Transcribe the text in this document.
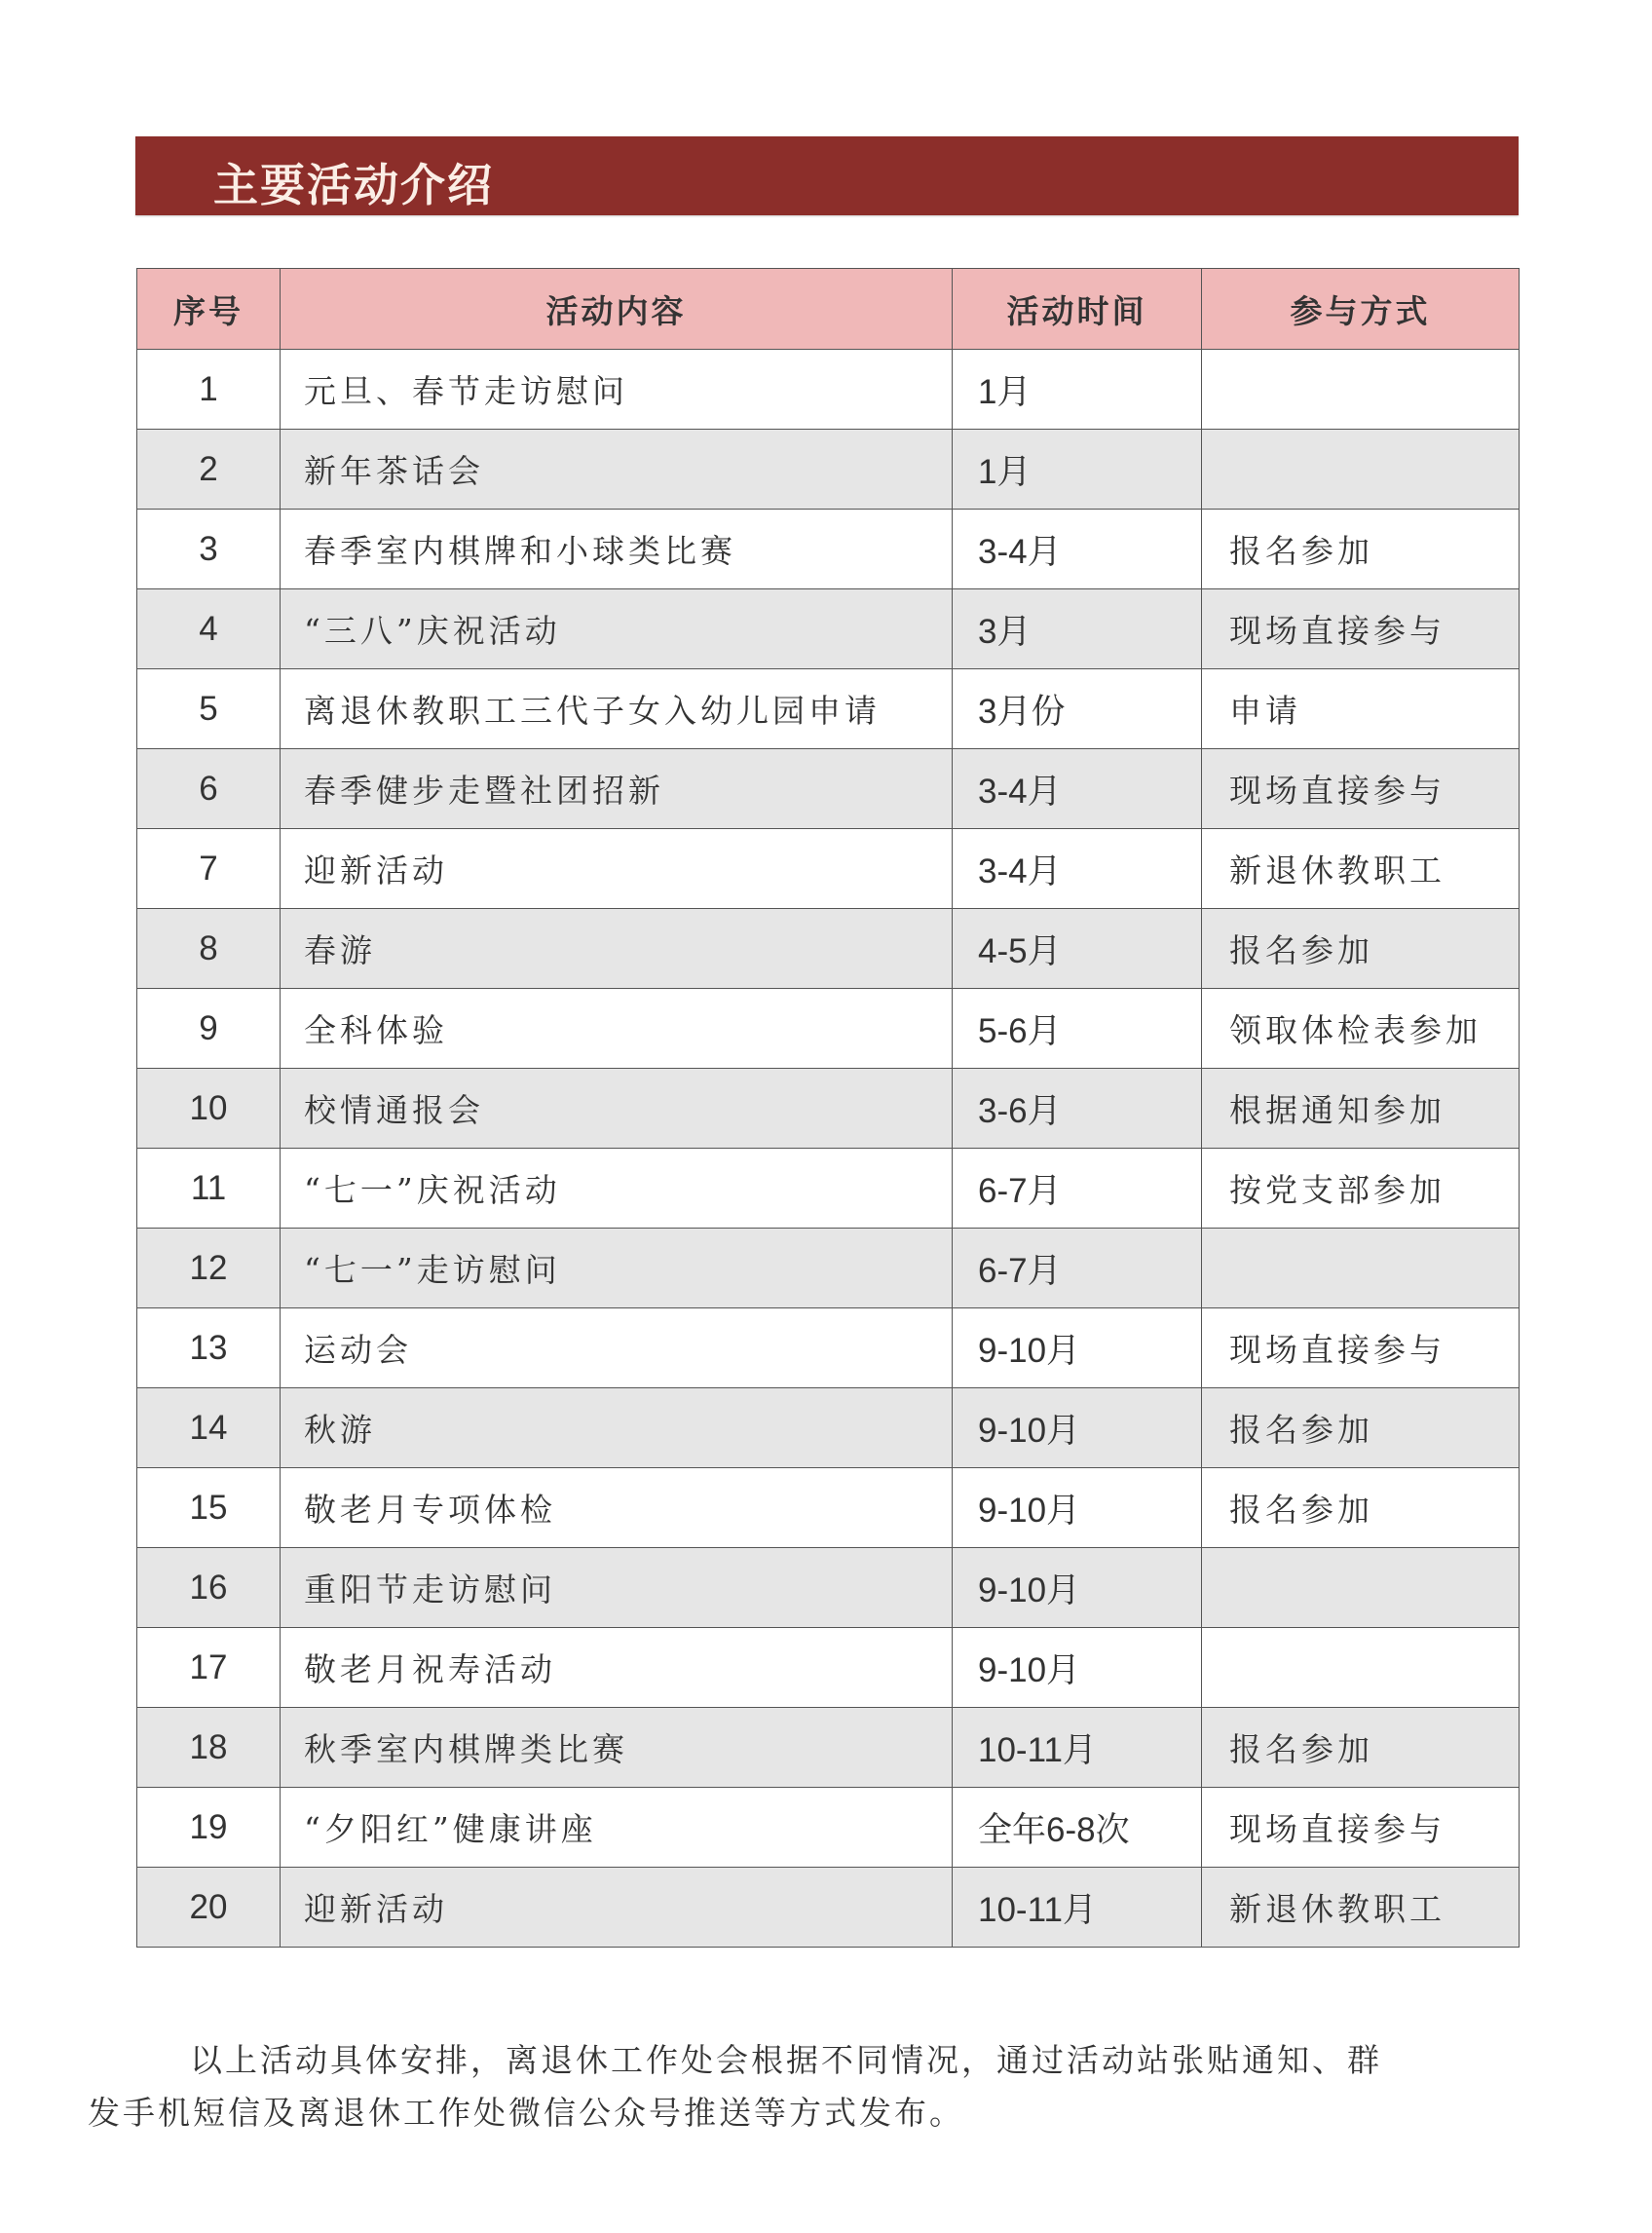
主要活动介绍
序号	活动内容	活动时间	参与方式
1	元旦、春节走访慰问	1月	
2	新年茶话会	1月	
3	春季室内棋牌和小球类比赛	3-4月	报名参加
4	“三八”庆祝活动	3月	现场直接参与
5	离退休教职工三代子女入幼儿园申请	3月份	申请
6	春季健步走暨社团招新	3-4月	现场直接参与
7	迎新活动	3-4月	新退休教职工
8	春游	4-5月	报名参加
9	全科体验	5-6月	领取体检表参加
10	校情通报会	3-6月	根据通知参加
11	“七一”庆祝活动	6-7月	按党支部参加
12	“七一”走访慰问	6-7月	
13	运动会	9-10月	现场直接参与
14	秋游	9-10月	报名参加
15	敬老月专项体检	9-10月	报名参加
16	重阳节走访慰问	9-10月	
17	敬老月祝寿活动	9-10月	
18	秋季室内棋牌类比赛	10-11月	报名参加
19	“夕阳红”健康讲座	全年6-8次	现场直接参与
20	迎新活动	10-11月	新退休教职工

以上活动具体安排，离退休工作处会根据不同情况，通过活动站张贴通知、群发手机短信及离退休工作处微信公众号推送等方式发布。
